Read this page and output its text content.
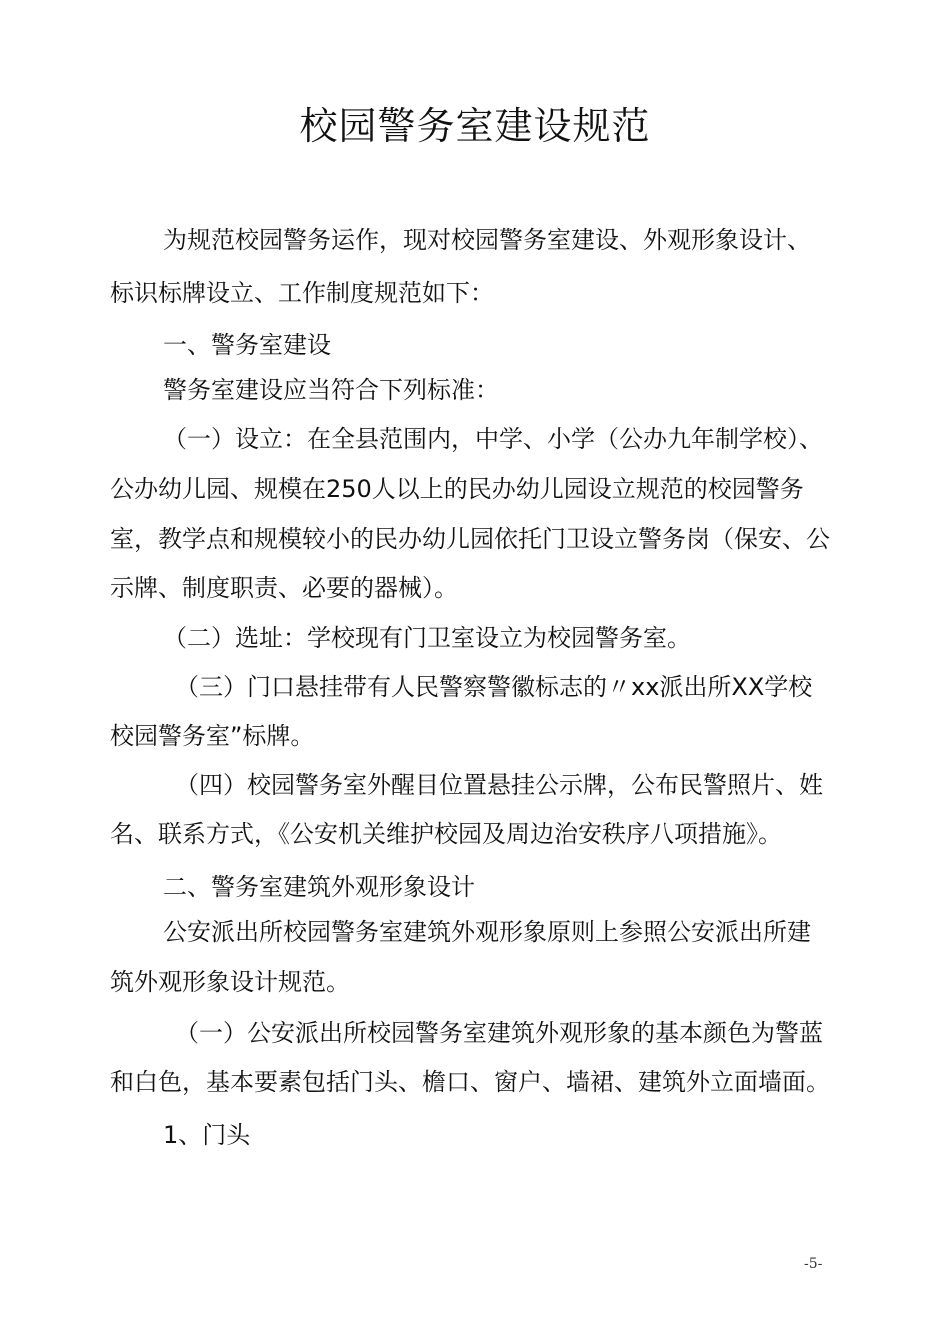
校园警务室建设规范

为规范校园警务运作，现对校园警务室建设、外观形象设计、

标识标牌设立、工作制度规范如下：

一、警务室建设

警务室建设应当符合下列标准：

（一）设立：在全县范围内，中学、小学（公办九年制学校）、

公办幼儿园、规模在250人以上的民办幼儿园设立规范的校园警务

室，教学点和规模较小的民办幼儿园依托门卫设立警务岗（保安、公

示牌、制度职责、必要的器械）。

（二）选址：学校现有门卫室设立为校园警务室。

（三）门口悬挂带有人民警察警徽标志的〃xx派出所XX学校

校园警务室”标牌。

（四）校园警务室外醒目位置悬挂公示牌，公布民警照片、姓

名、联系方式，《公安机关维护校园及周边治安秩序八项措施》。

二、警务室建筑外观形象设计

公安派出所校园警务室建筑外观形象原则上参照公安派出所建

筑外观形象设计规范。

（一）公安派出所校园警务室建筑外观形象的基本颜色为警蓝

和白色，基本要素包括门头、檐口、窗户、墙裙、建筑外立面墙面。

1、门头

-5-
